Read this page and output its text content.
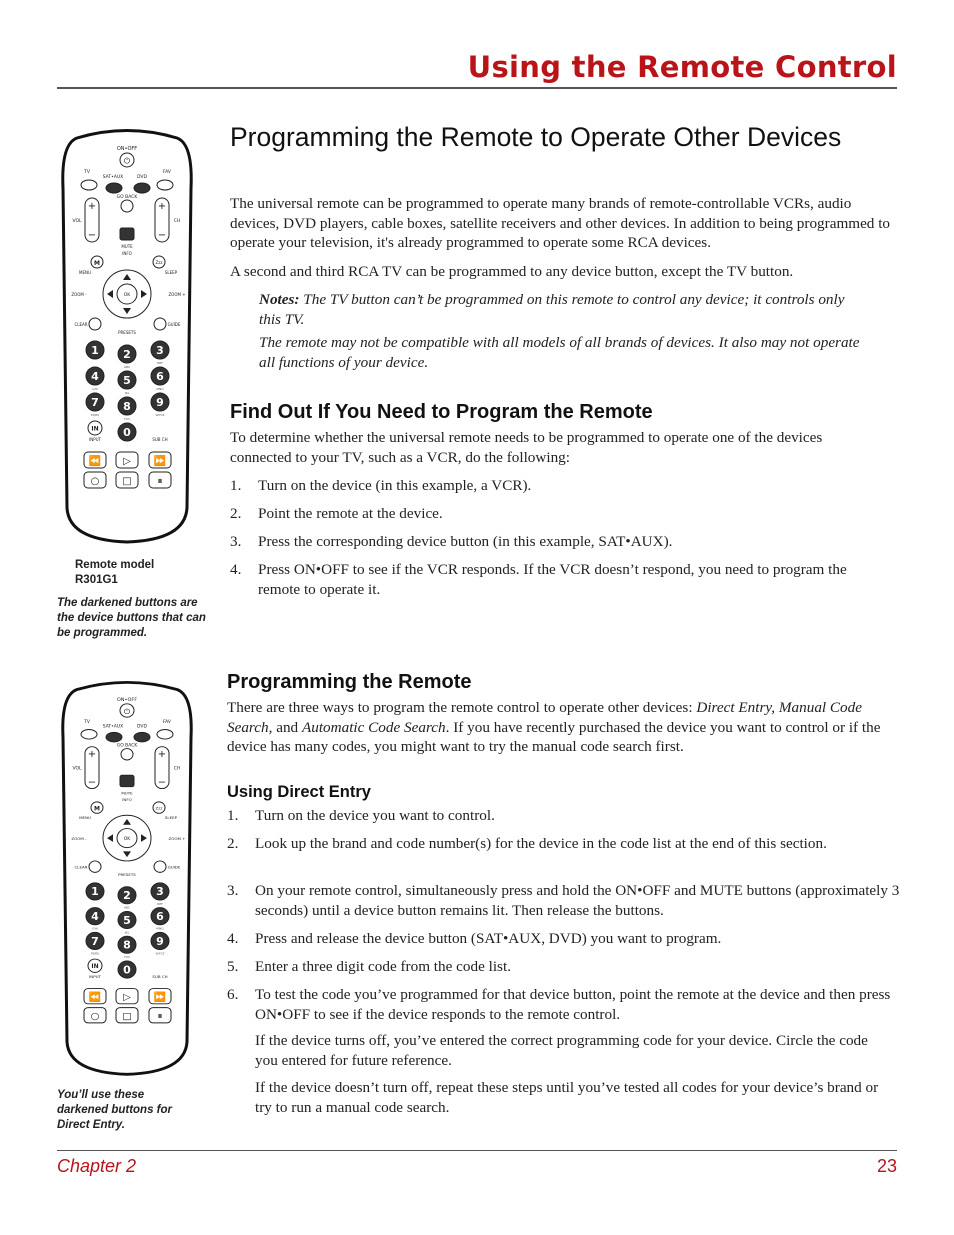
Using the Remote Control
⏻
ON•OFF
TV	FAV
SAT•AUX	DVD
GO BACK
+
−
+
−
VOL	CH
MUTE
INFO
M	Zzz
MENU	SLEEP
OK
ZOOM -	ZOOM +
CLEAR	GUIDE
PRESETS
1 2
ABC
3
DEF
4
GHI
5
JKL
6
MNO
7
PQRS
8
TUV
9
WXYZ
0
-
IN
INPUT	SUB CH
⏪ ▷ ⏩
○ □	⏸
Remote model R301G1
The darkened buttons are the device buttons that can be programmed.
⏻
ON•OFF
TV	FAV
SAT•AUX	DVD
GO BACK
+
−
+
−
VOL	CH
MUTE
INFO
M	Zzz
MENU	SLEEP
OK
ZOOM -	ZOOM +
CLEAR	GUIDE
PRESETS
1 2
ABC
3
DEF
4
GHI
5
JKL
6
MNO
7
PQRS
8
TUV
9
WXYZ
0
-
IN
INPUT	SUB CH
⏪ ▷ ⏩
○ □	⏸
You’ll use these darkened buttons for Direct Entry.
Programming the Remote to Operate Other Devices
The universal remote can be programmed to operate many brands of remote-controllable VCRs, audio devices, DVD players, cable boxes, satellite receivers and other devices. In addition to being programmed to operate your television, it's already programmed to operate some RCA devices.
A second and third RCA TV can be programmed to any device button, except the TV button.
Notes: The TV button can’t be programmed on this remote to control any device; it controls only this TV.
The remote may not be compatible with all models of all brands of devices. It also may not operate all functions of your device.
Find Out If You Need to Program the Remote
To determine whether the universal remote needs to be programmed to operate one of the devices connected to your TV, such as a VCR, do the following:
1. Turn on the device (in this example, a VCR).
2. Point the remote at the device.
3. Press the corresponding device button (in this example, SAT•AUX).
4. Press ON•OFF to see if the VCR responds. If the VCR doesn’t respond, you need to program the remote to operate it.
Programming the Remote
There are three ways to program the remote control to operate other devices: Direct Entry, Manual Code Search, and Automatic Code Search. If you have recently purchased the device you want to control or if the device has many codes, you might want to try the manual code search first.
Using Direct Entry
1. Turn on the device you want to control.
2. Look up the brand and code number(s) for the device in the code list at the end of this section.
3. On your remote control, simultaneously press and hold the ON•OFF and MUTE buttons (approximately 3 seconds) until a device button remains lit. Then release the buttons.
4. Press and release the device button (SAT•AUX, DVD) you want to program.
5. Enter a three digit code from the code list.
6. To test the code you’ve programmed for that device button, point the remote at the device and then press ON•OFF to see if the device responds to the remote control.
If the device turns off, you’ve entered the correct programming code for your device. Circle the code you entered for future reference.
If the device doesn’t turn off, repeat these steps until you’ve tested all codes for your device’s brand or try to run a manual code search.
Chapter 2	23
